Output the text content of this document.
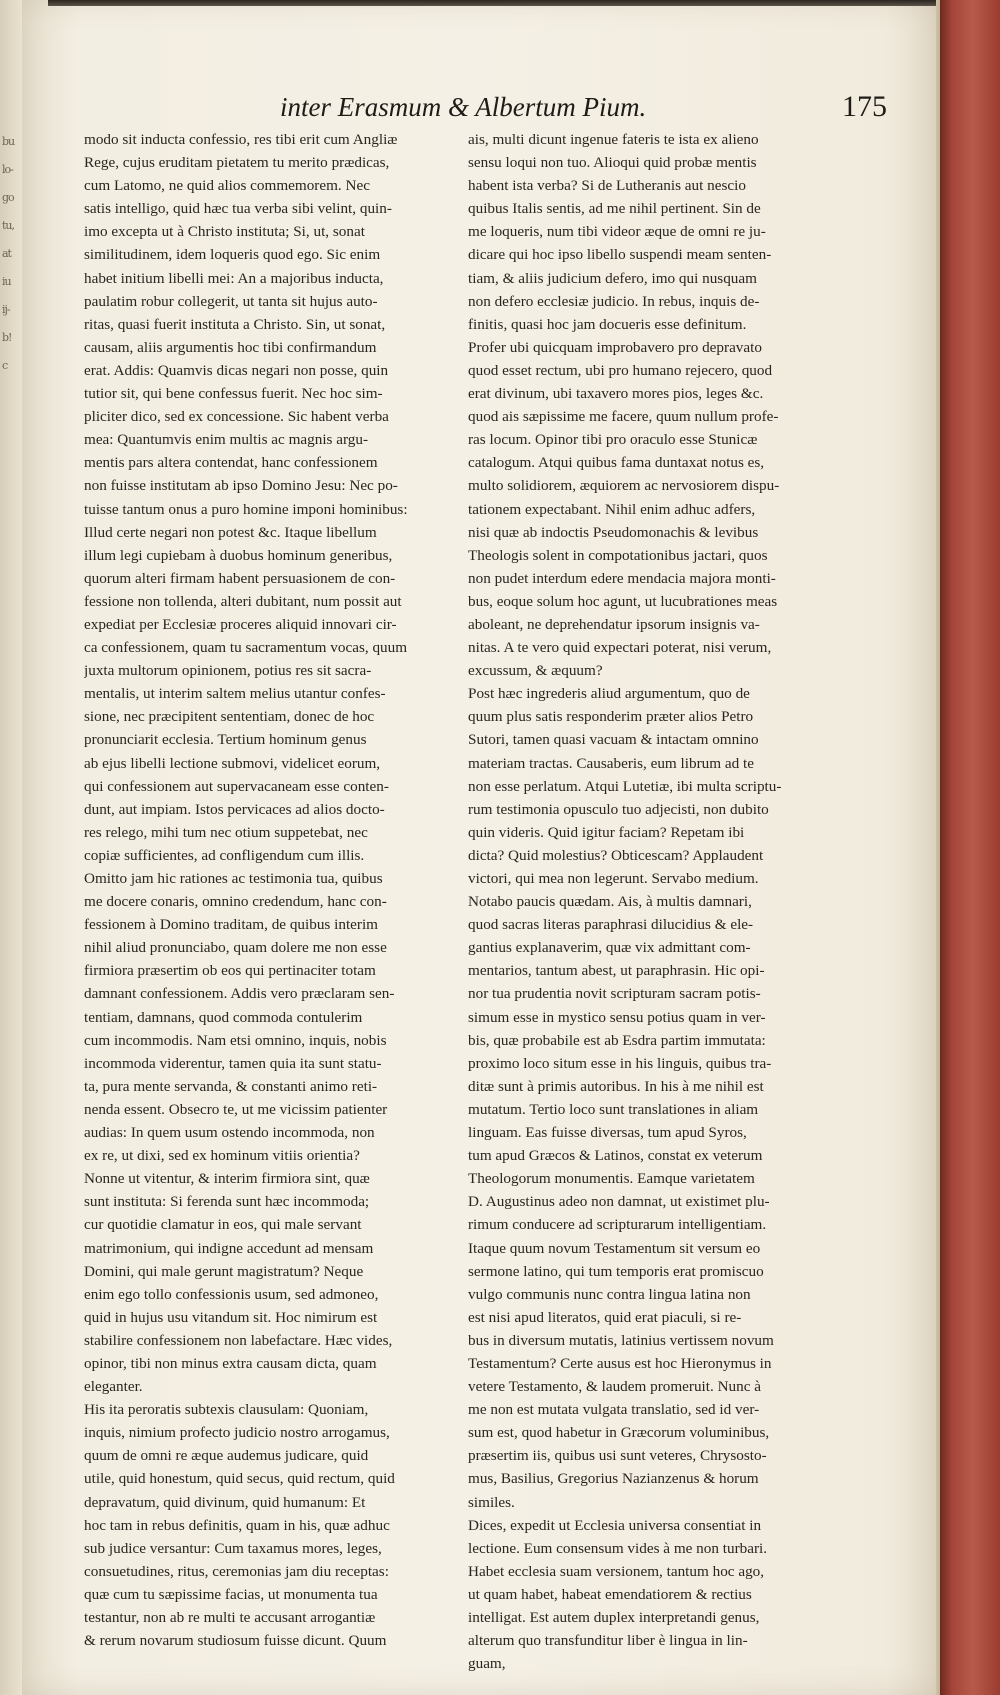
bu
lo-
go
tu,
at
iu
ij-
b!
c
inter Erasmum & Albertum Pium.	175
modo sit inducta confessio, res tibi erit cum Angliæ
Rege, cujus eruditam pietatem tu merito prædicas,
cum Latomo, ne quid alios commemorem. Nec
satis intelligo, quid hæc tua verba sibi velint, quin-
imo excepta ut à Christo instituta; Si, ut, sonat
similitudinem, idem loqueris quod ego. Sic enim
habet initium libelli mei: An a majoribus inducta,
paulatim robur collegerit, ut tanta sit hujus auto-
ritas, quasi fuerit instituta a Christo. Sin, ut sonat,
causam, aliis argumentis hoc tibi confirmandum
erat. Addis: Quamvis dicas negari non posse, quin
tutior sit, qui bene confessus fuerit. Nec hoc sim-
pliciter dico, sed ex concessione. Sic habent verba
mea: Quantumvis enim multis ac magnis argu-
mentis pars altera contendat, hanc confessionem
non fuisse institutam ab ipso Domino Jesu: Nec po-
tuisse tantum onus a puro homine imponi hominibus:
Illud certe negari non potest &c. Itaque libellum
illum legi cupiebam à duobus hominum generibus,
quorum alteri firmam habent persuasionem de con-
fessione non tollenda, alteri dubitant, num possit aut
expediat per Ecclesiæ proceres aliquid innovari cir-
ca confessionem, quam tu sacramentum vocas, quum
juxta multorum opinionem, potius res sit sacra-
mentalis, ut interim saltem melius utantur confes-
sione, nec præcipitent sententiam, donec de hoc
pronunciarit ecclesia. Tertium hominum genus
ab ejus libelli lectione submovi, videlicet eorum,
qui confessionem aut supervacaneam esse conten-
dunt, aut impiam. Istos pervicaces ad alios docto-
res relego, mihi tum nec otium suppetebat, nec
copiæ sufficientes, ad confligendum cum illis.
Omitto jam hic rationes ac testimonia tua, quibus
me docere conaris, omnino credendum, hanc con-
fessionem à Domino traditam, de quibus interim
nihil aliud pronunciabo, quam dolere me non esse
firmiora præsertim ob eos qui pertinaciter totam
damnant confessionem. Addis vero præclaram sen-
tentiam, damnans, quod commoda contulerim
cum incommodis. Nam etsi omnino, inquis, nobis
incommoda viderentur, tamen quia ita sunt statu-
ta, pura mente servanda, & constanti animo reti-
nenda essent. Obsecro te, ut me vicissim patienter
audias: In quem usum ostendo incommoda, non
ex re, ut dixi, sed ex hominum vitiis orientia?
Nonne ut vitentur, & interim firmiora sint, quæ
sunt instituta: Si ferenda sunt hæc incommoda;
cur quotidie clamatur in eos, qui male servant
matrimonium, qui indigne accedunt ad mensam
Domini, qui male gerunt magistratum? Neque
enim ego tollo confessionis usum, sed admoneo,
quid in hujus usu vitandum sit. Hoc nimirum est
stabilire confessionem non labefactare. Hæc vides,
opinor, tibi non minus extra causam dicta, quam
eleganter.
His ita peroratis subtexis clausulam: Quoniam,
inquis, nimium profecto judicio nostro arrogamus,
quum de omni re æque audemus judicare, quid
utile, quid honestum, quid secus, quid rectum, quid
depravatum, quid divinum, quid humanum: Et
hoc tam in rebus definitis, quam in his, quæ adhuc
sub judice versantur: Cum taxamus mores, leges,
consuetudines, ritus, ceremonias jam diu receptas:
quæ cum tu sæpissime facias, ut monumenta tua
testantur, non ab re multi te accusant arrogantiæ
& rerum novarum studiosum fuisse dicunt. Quum
ais, multi dicunt ingenue fateris te ista ex alieno
sensu loqui non tuo. Alioqui quid probæ mentis
habent ista verba? Si de Lutheranis aut nescio
quibus Italis sentis, ad me nihil pertinent. Sin de
me loqueris, num tibi videor æque de omni re ju-
dicare qui hoc ipso libello suspendi meam senten-
tiam, & aliis judicium defero, imo qui nusquam
non defero ecclesiæ judicio. In rebus, inquis de-
finitis, quasi hoc jam docueris esse definitum.
Profer ubi quicquam improbavero pro depravato
quod esset rectum, ubi pro humano rejecero, quod
erat divinum, ubi taxavero mores pios, leges &c.
quod ais sæpissime me facere, quum nullum profe-
ras locum. Opinor tibi pro oraculo esse Stunicæ
catalogum. Atqui quibus fama duntaxat notus es,
multo solidiorem, æquiorem ac nervosiorem dispu-
tationem expectabant. Nihil enim adhuc adfers,
nisi quæ ab indoctis Pseudomonachis & levibus
Theologis solent in compotationibus jactari, quos
non pudet interdum edere mendacia majora monti-
bus, eoque solum hoc agunt, ut lucubrationes meas
aboleant, ne deprehendatur ipsorum insignis va-
nitas. A te vero quid expectari poterat, nisi verum,
excussum, & æquum?
Post hæc ingrederis aliud argumentum, quo de
quum plus satis responderim præter alios Petro
Sutori, tamen quasi vacuam & intactam omnino
materiam tractas. Causaberis, eum librum ad te
non esse perlatum. Atqui Lutetiæ, ibi multa scriptu-
rum testimonia opusculo tuo adjecisti, non dubito
quin videris. Quid igitur faciam? Repetam ibi
dicta? Quid molestius? Obticescam? Applaudent
victori, qui mea non legerunt. Servabo medium.
Notabo paucis quædam. Ais, à multis damnari,
quod sacras literas paraphrasi dilucidius & ele-
gantius explanaverim, quæ vix admittant com-
mentarios, tantum abest, ut paraphrasin. Hic opi-
nor tua prudentia novit scripturam sacram potis-
simum esse in mystico sensu potius quam in ver-
bis, quæ probabile est ab Esdra partim immutata:
proximo loco situm esse in his linguis, quibus tra-
ditæ sunt à primis autoribus. In his à me nihil est
mutatum. Tertio loco sunt translationes in aliam
linguam. Eas fuisse diversas, tum apud Syros,
tum apud Græcos & Latinos, constat ex veterum
Theologorum monumentis. Eamque varietatem
D. Augustinus adeo non damnat, ut existimet plu-
rimum conducere ad scripturarum intelligentiam.
Itaque quum novum Testamentum sit versum eo
sermone latino, qui tum temporis erat promiscuo
vulgo communis nunc contra lingua latina non
est nisi apud literatos, quid erat piaculi, si re-
bus in diversum mutatis, latinius vertissem novum
Testamentum? Certe ausus est hoc Hieronymus in
vetere Testamento, & laudem promeruit. Nunc à
me non est mutata vulgata translatio, sed id ver-
sum est, quod habetur in Græcorum voluminibus,
præsertim iis, quibus usi sunt veteres, Chrysosto-
mus, Basilius, Gregorius Nazianzenus & horum
similes.
Dices, expedit ut Ecclesia universa consentiat in
lectione. Eum consensum vides à me non turbari.
Habet ecclesia suam versionem, tantum hoc ago,
ut quam habet, habeat emendatiorem & rectius
intelligat. Est autem duplex interpretandi genus,
alterum quo transfunditur liber è lingua in lin-
guam,
